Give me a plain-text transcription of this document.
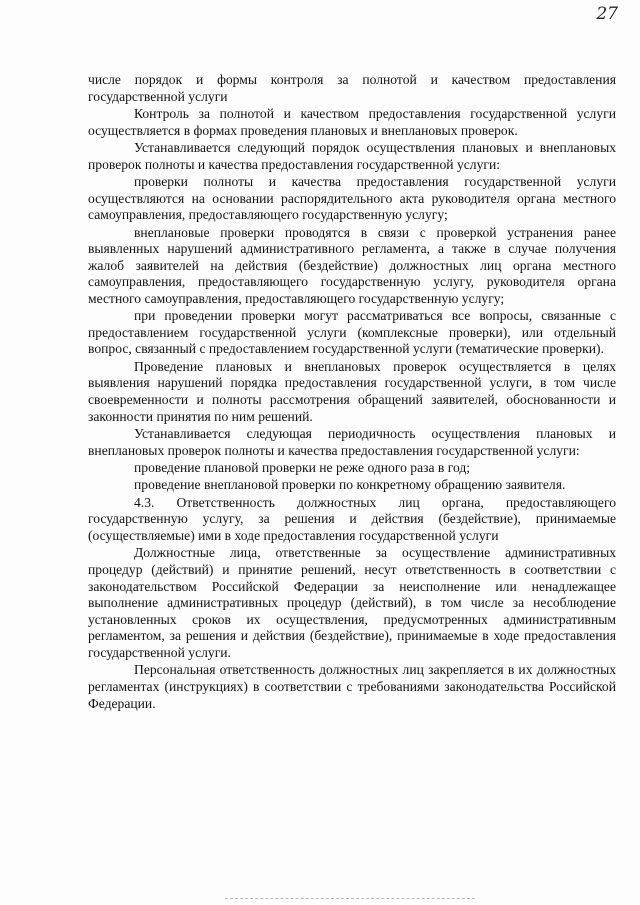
27

числе порядок и формы контроля за полнотой и качеством предоставления государственной услуги

Контроль за полнотой и качеством предоставления государственной услуги осуществляется в формах проведения плановых и внеплановых проверок.

Устанавливается следующий порядок осуществления плановых и внеплановых проверок полноты и качества предоставления государственной услуги:

проверки полноты и качества предоставления государственной услуги осуществляются на основании распорядительного акта руководителя органа местного самоуправления, предоставляющего государственную услугу;

внеплановые проверки проводятся в связи с проверкой устранения ранее выявленных нарушений административного регламента, а также в случае получения жалоб заявителей на действия (бездействие) должностных лиц органа местного самоуправления, предоставляющего государственную услугу, руководителя органа местного самоуправления, предоставляющего государственную услугу;

при проведении проверки могут рассматриваться все вопросы, связанные с предоставлением государственной услуги (комплексные проверки), или отдельный вопрос, связанный с предоставлением государственной услуги (тематические проверки).

Проведение плановых и внеплановых проверок осуществляется в целях выявления нарушений порядка предоставления государственной услуги, в том числе своевременности и полноты рассмотрения обращений заявителей, обоснованности и законности принятия по ним решений.

Устанавливается следующая периодичность осуществления плановых и внеплановых проверок полноты и качества предоставления государственной услуги:

проведение плановой проверки не реже одного раза в год;

проведение внеплановой проверки по конкретному обращению заявителя.

4.3. Ответственность должностных лиц органа, предоставляющего государственную услугу, за решения и действия (бездействие), принимаемые (осуществляемые) ими в ходе предоставления государственной услуги

Должностные лица, ответственные за осуществление административных процедур (действий) и принятие решений, несут ответственность в соответствии с законодательством Российской Федерации за неисполнение или ненадлежащее выполнение административных процедур (действий), в том числе за несоблюдение установленных сроков их осуществления, предусмотренных административным регламентом, за решения и действия (бездействие), принимаемые в ходе предоставления государственной услуги.

Персональная ответственность должностных лиц закрепляется в их должностных регламентах (инструкциях) в соответствии с требованиями законодательства Российской Федерации.
